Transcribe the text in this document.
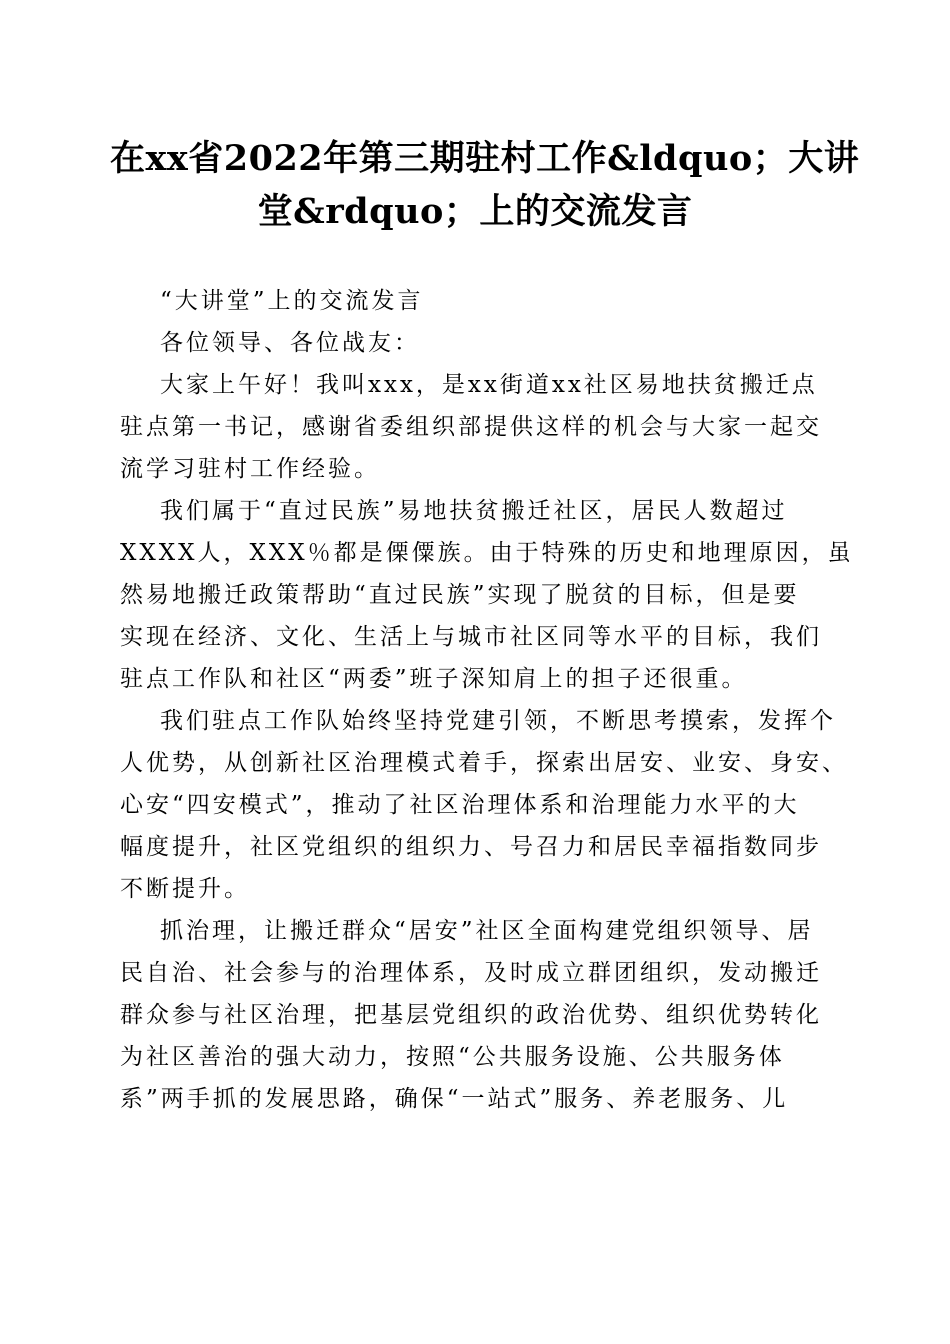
在xx省2022年第三期驻村工作&ldquo；大讲
堂&rdquo；上的交流发言
“大讲堂”上的交流发言
各位领导、各位战友：
大家上午好！我叫xxx，是xx街道xx社区易地扶贫搬迁点
驻点第一书记，感谢省委组织部提供这样的机会与大家一起交
流学习驻村工作经验。
我们属于“直过民族”易地扶贫搬迁社区，居民人数超过
XXXX人，XXX％都是傈僳族。由于特殊的历史和地理原因，虽
然易地搬迁政策帮助“直过民族”实现了脱贫的目标，但是要
实现在经济、文化、生活上与城市社区同等水平的目标，我们
驻点工作队和社区“两委”班子深知肩上的担子还很重。
我们驻点工作队始终坚持党建引领，不断思考摸索，发挥个
人优势，从创新社区治理模式着手，探索出居安、业安、身安、
心安“四安模式”，推动了社区治理体系和治理能力水平的大
幅度提升，社区党组织的组织力、号召力和居民幸福指数同步
不断提升。
抓治理，让搬迁群众“居安”社区全面构建党组织领导、居
民自治、社会参与的治理体系，及时成立群团组织，发动搬迁
群众参与社区治理，把基层党组织的政治优势、组织优势转化
为社区善治的强大动力，按照“公共服务设施、公共服务体
系”两手抓的发展思路，确保“一站式”服务、养老服务、儿
